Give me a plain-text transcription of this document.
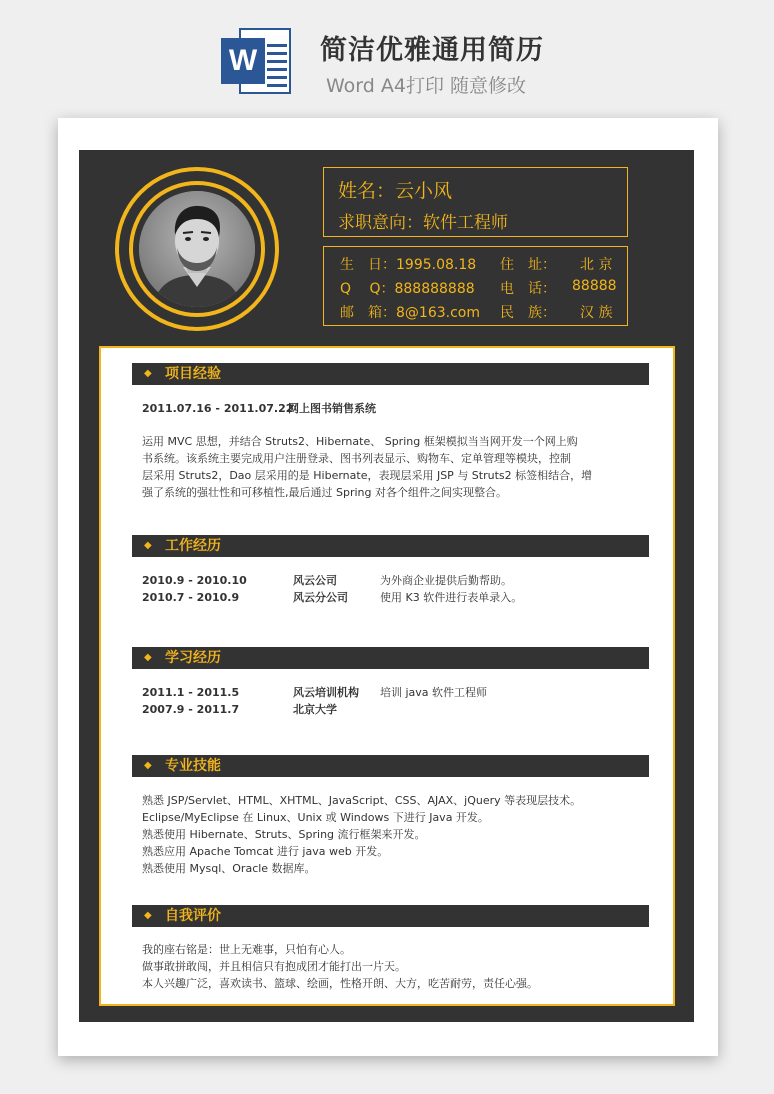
W 简洁优雅通用简历
Word A4打印 随意修改
姓名：云小风
求职意向：软件工程师
生　日：1995.08.18 住　址： 北 京
Q　 Q：888888888 电　话： 88888
邮　箱：8@163.com 民　族： 汉 族
◆ 项目经验
2011.07.16 - 2011.07.22
网上图书销售系统
运用 MVC 思想，并结合 Struts2、Hibernate、 Spring 框架模拟当当网开发一个网上购
书系统。该系统主要完成用户注册登录、图书列表显示、购物车、定单管理等模块，控制
层采用 Struts2，Dao 层采用的是 Hibernate，表现层采用 JSP 与 Struts2 标签相结合，增
强了系统的强壮性和可移植性,最后通过 Spring 对各个组件之间实现整合。
◆ 工作经历
2010.9 - 2010.10	风云公司	为外商企业提供后勤帮助。
2010.7 - 2010.9	风云分公司	使用 K3 软件进行表单录入。
◆ 学习经历
2011.1 - 2011.5	风云培训机构 培训 java 软件工程师
2007.9 - 2011.7	北京大学
◆ 专业技能
熟悉 JSP/Servlet、HTML、XHTML、JavaScript、CSS、AJAX、jQuery 等表现层技术。
Eclipse/MyEclipse 在 Linux、Unix 或 Windows 下进行 Java 开发。
熟悉使用 Hibernate、Struts、Spring 流行框架来开发。
熟悉应用 Apache Tomcat 进行 java web 开发。
熟悉使用 Mysql、Oracle 数据库。
◆ 自我评价
我的座右铭是：世上无难事，只怕有心人。
做事敢拼敢闯，并且相信只有抱成团才能打出一片天。
本人兴趣广泛，喜欢读书、篮球、绘画，性格开朗、大方，吃苦耐劳，责任心强。
